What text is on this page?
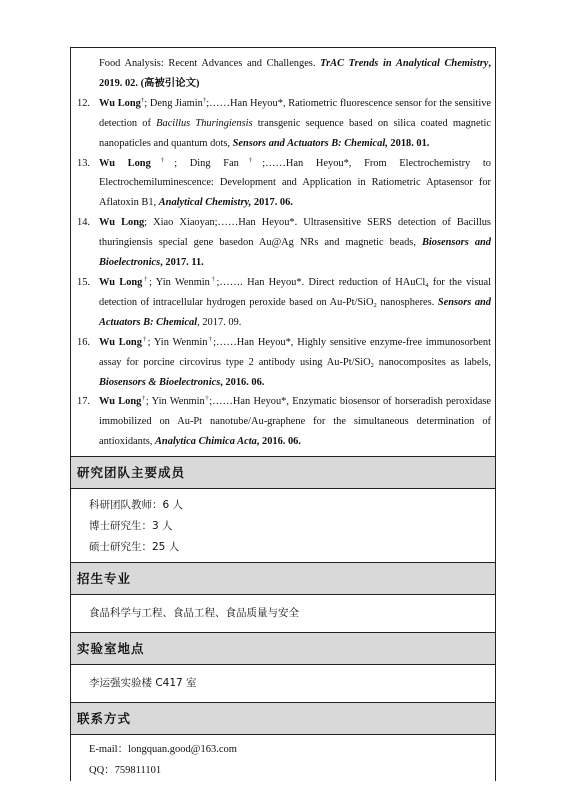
Food Analysis: Recent Advances and Challenges. TrAC Trends in Analytical Chemistry, 2019. 02. (高被引论文)
12. Wu Long†; Deng Jiamin†;……Han Heyou*, Ratiometric fluorescence sensor for the sensitive detection of Bacillus Thuringiensis transgenic sequence based on silica coated magnetic nanopaticles and quantum dots, Sensors and Actuators B: Chemical, 2018. 01.
13. Wu Long†; Ding Fan†;……Han Heyou*, From Electrochemistry to Electrochemiluminescence: Development and Application in Ratiometric Aptasensor for Aflatoxin B1, Analytical Chemistry, 2017. 06.
14. Wu Long; Xiao Xiaoyan;……Han Heyou*. Ultrasensitive SERS detection of Bacillus thuringiensis special gene basedon Au@Ag NRs and magnetic beads, Biosensors and Bioelectronics, 2017. 11.
15. Wu Long†; Yin Wenmin†;……. Han Heyou*. Direct reduction of HAuCl$_4$ for the visual detection of intracellular hydrogen peroxide based on Au-Pt/SiO$_2$ nanospheres. Sensors and Actuators B: Chemical, 2017. 09.
16. Wu Long†; Yin Wenmin†;……Han Heyou*, Highly sensitive enzyme-free immunosorbent assay for porcine circovirus type 2 antibody using Au-Pt/SiO$_2$ nanocomposites as labels, Biosensors & Bioelectronics, 2016. 06.
17. Wu Long†; Yin Wenmin†;……Han Heyou*, Enzymatic biosensor of horseradish peroxidase immobilized on Au-Pt nanotube/Au-graphene for the simultaneous determination of antioxidants, Analytica Chimica Acta, 2016. 06.
研究团队主要成员
科研团队教师：6 人
博士研究生：3 人
硕士研究生：25 人
招生专业
食品科学与工程、食品工程、食品质量与安全
实验室地点
李运强实验楼 C417 室
联系方式
E-mail：longquan.good@163.com
QQ：759811101
